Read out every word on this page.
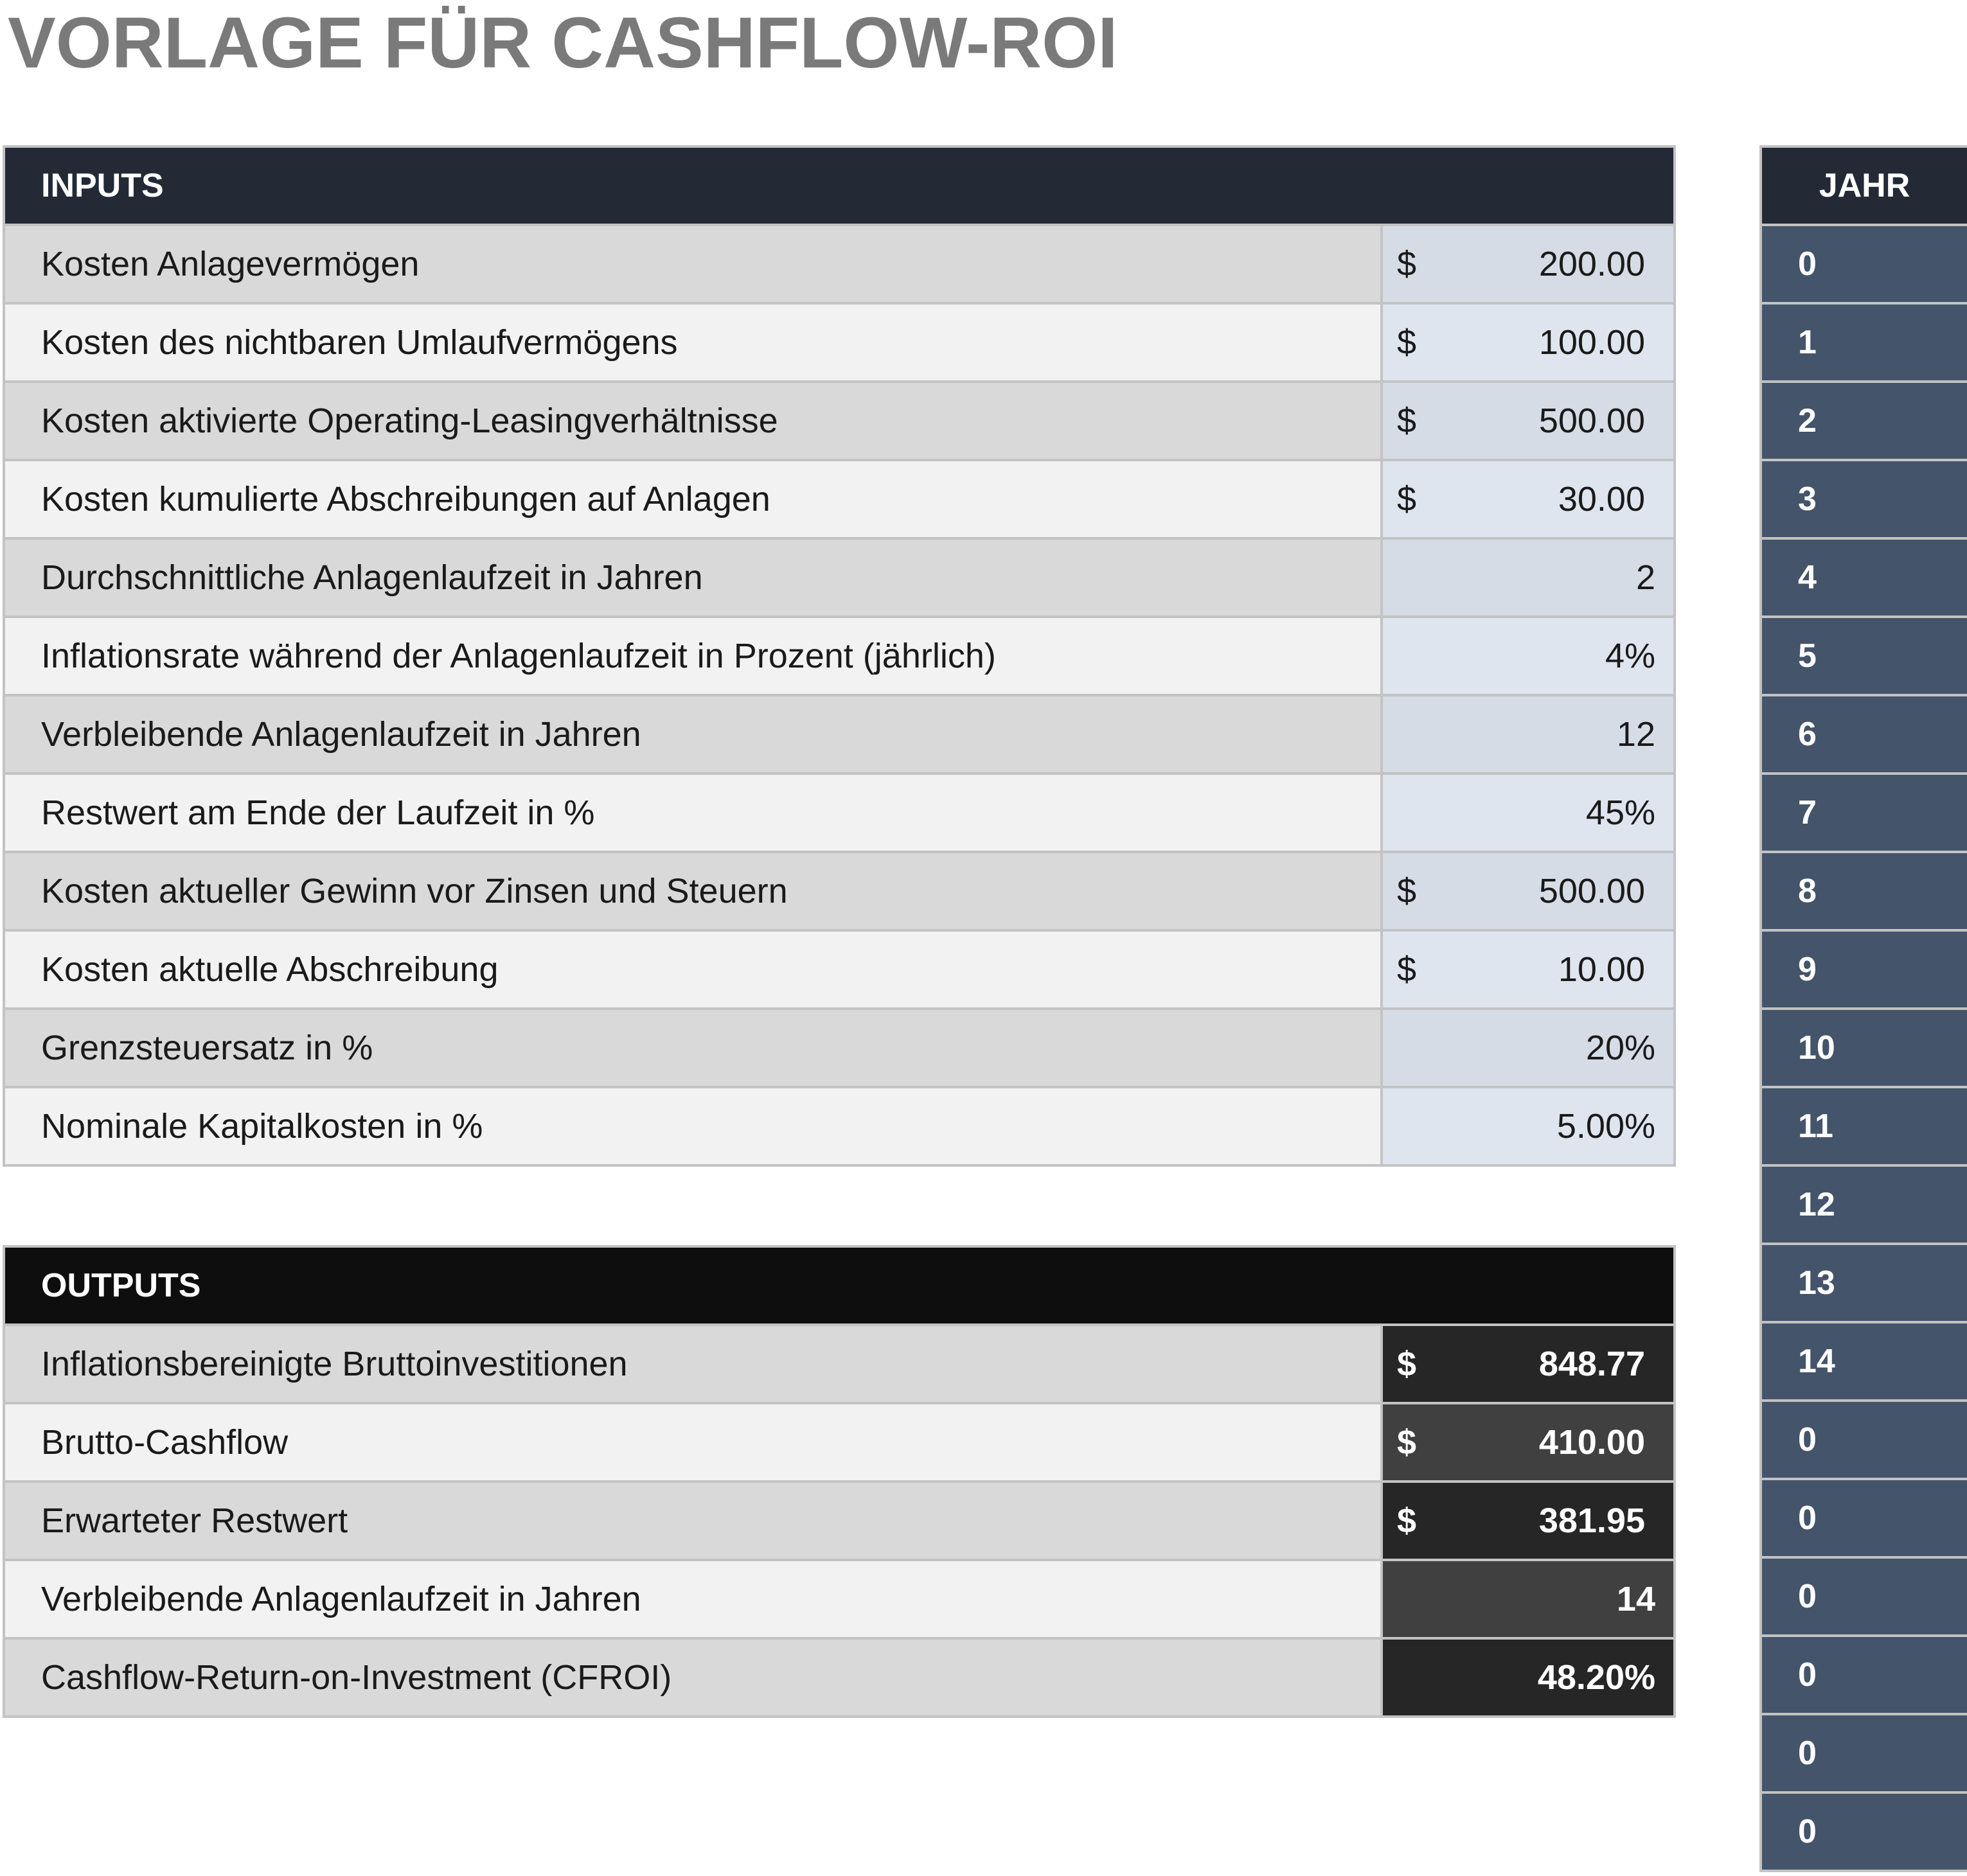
VORLAGE FÜR CASHFLOW-ROI
INPUTS
Kosten Anlagevermögen	$	200.00
Kosten des nichtbaren Umlaufvermögens	$	100.00
Kosten aktivierte Operating-Leasingverhältnisse	$	500.00
Kosten kumulierte Abschreibungen auf Anlagen	$	30.00
Durchschnittliche Anlagenlaufzeit in Jahren	2
Inflationsrate während der Anlagenlaufzeit in Prozent (jährlich)	4%
Verbleibende Anlagenlaufzeit in Jahren	12
Restwert am Ende der Laufzeit in %	45%
Kosten aktueller Gewinn vor Zinsen und Steuern	$	500.00
Kosten aktuelle Abschreibung	$	10.00
Grenzsteuersatz in %	20%
Nominale Kapitalkosten in %	5.00%
OUTPUTS
Inflationsbereinigte Bruttoinvestitionen	$	848.77
Brutto-Cashflow	$	410.00
Erwarteter Restwert	$	381.95
Verbleibende Anlagenlaufzeit in Jahren	14
Cashflow-Return-on-Investment (CFROI)	48.20%
JAHR
0
1
2
3
4
5
6
7
8
9
10
11
12
13
14
0
0
0
0
0
0
